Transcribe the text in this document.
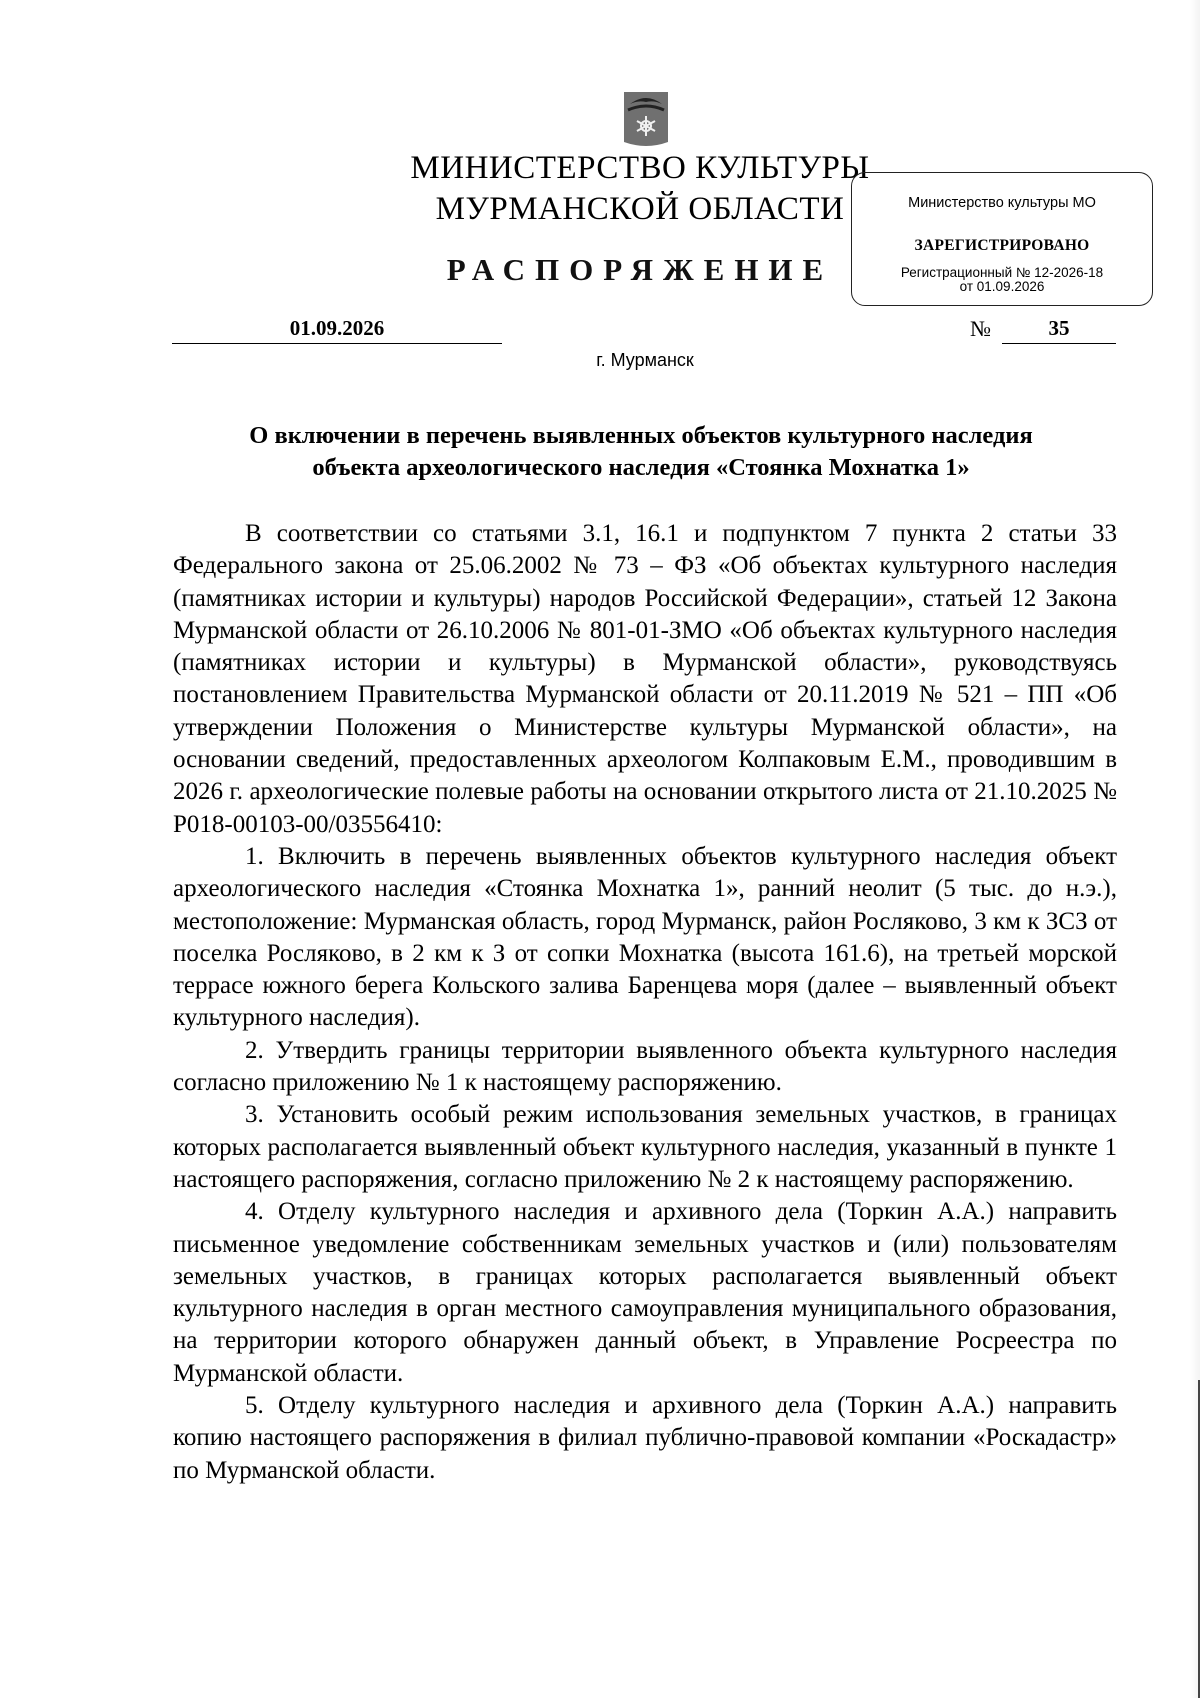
МИНИСТЕРСТВО КУЛЬТУРЫ
МУРМАНСКОЙ ОБЛАСТИ
РАСПОРЯЖЕНИЕ
Министерство культуры МО
ЗАРЕГИСТРИРОВАНО
Регистрационный № 12-2026-18
от 01.09.2026
01.09.2026	№	35
г. Мурманск
О включении в перечень выявленных объектов культурного наследия
объекта археологического наследия «Стоянка Мохнатка 1»

В соответствии со статьями 3.1, 16.1 и подпунктом 7 пункта 2 статьи 33 Федерального закона от 25.06.2002 № 73 – ФЗ «Об объектах культурного наследия (памятниках истории и культуры) народов Российской Федерации», статьей 12 Закона Мурманской области от 26.10.2006 № 801-01-ЗМО «Об объектах культурного наследия (памятниках истории и культуры) в Мурманской области», руководствуясь постановлением Правительства Мурманской области от 20.11.2019 № 521 – ПП «Об утверждении Положения о Министерстве культуры Мурманской области», на основании сведений, предоставленных археологом Колпаковым Е.М., проводившим в 2026 г. археологические полевые работы на основании открытого листа от 21.10.2025 № Р018-00103-00/03556410:

1. Включить в перечень выявленных объектов культурного наследия объект археологического наследия «Стоянка Мохнатка 1», ранний неолит (5 тыс. до н.э.), местоположение: Мурманская область, город Мурманск, район Росляково, 3 км к ЗСЗ от поселка Росляково, в 2 км к З от сопки Мохнатка (высота 161.6), на третьей морской террасе южного берега Кольского залива Баренцева моря (далее – выявленный объект культурного наследия).

2. Утвердить границы территории выявленного объекта культурного наследия согласно приложению № 1 к настоящему распоряжению.

3. Установить особый режим использования земельных участков, в границах которых располагается выявленный объект культурного наследия, указанный в пункте 1 настоящего распоряжения, согласно приложению № 2 к настоящему распоряжению.

4. Отделу культурного наследия и архивного дела (Торкин А.А.) направить письменное уведомление собственникам земельных участков и (или) пользователям земельных участков, в границах которых располагается выявленный объект культурного наследия в орган местного самоуправления муниципального образования, на территории которого обнаружен данный объект, в Управление Росреестра по Мурманской области.

5. Отделу культурного наследия и архивного дела (Торкин А.А.) направить копию настоящего распоряжения в филиал публично-правовой компании «Роскадастр» по Мурманской области.
